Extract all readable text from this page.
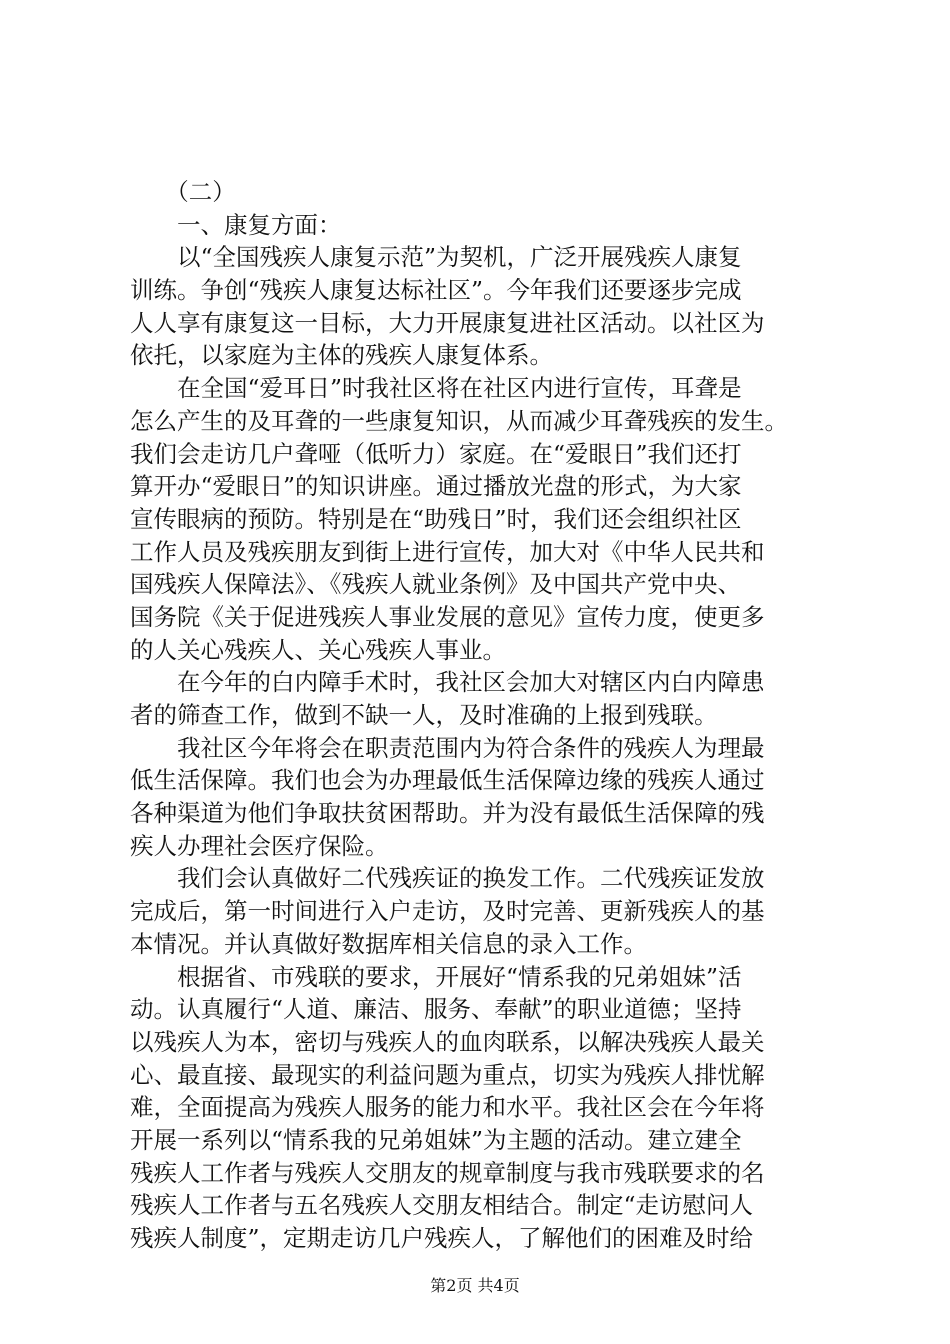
　　（二）
　　一、康复方面：
　　以“全国残疾人康复示范”为契机，广泛开展残疾人康复
训练。争创“残疾人康复达标社区”。今年我们还要逐步完成
人人享有康复这一目标，大力开展康复进社区活动。以社区为
依托，以家庭为主体的残疾人康复体系。
　　在全国“爱耳日”时我社区将在社区内进行宣传，耳聋是
怎么产生的及耳聋的一些康复知识，从而减少耳聋残疾的发生。
我们会走访几户聋哑（低听力）家庭。在“爱眼日”我们还打
算开办“爱眼日”的知识讲座。通过播放光盘的形式，为大家
宣传眼病的预防。特别是在“助残日”时，我们还会组织社区
工作人员及残疾朋友到街上进行宣传，加大对《中华人民共和
国残疾人保障法》、《残疾人就业条例》及中国共产党中央、
国务院《关于促进残疾人事业发展的意见》宣传力度，使更多
的人关心残疾人、关心残疾人事业。
　　在今年的白内障手术时，我社区会加大对辖区内白内障患
者的筛查工作，做到不缺一人，及时准确的上报到残联。
　　我社区今年将会在职责范围内为符合条件的残疾人为理最
低生活保障。我们也会为办理最低生活保障边缘的残疾人通过
各种渠道为他们争取扶贫困帮助。并为没有最低生活保障的残
疾人办理社会医疗保险。
　　我们会认真做好二代残疾证的换发工作。二代残疾证发放
完成后，第一时间进行入户走访，及时完善、更新残疾人的基
本情况。并认真做好数据库相关信息的录入工作。
　　根据省、市残联的要求，开展好“情系我的兄弟姐妹”活
动。认真履行“人道、廉洁、服务、奉献”的职业道德；坚持
以残疾人为本，密切与残疾人的血肉联系，以解决残疾人最关
心、最直接、最现实的利益问题为重点，切实为残疾人排忧解
难，全面提高为残疾人服务的能力和水平。我社区会在今年将
开展一系列以“情系我的兄弟姐妹”为主题的活动。建立建全
残疾人工作者与残疾人交朋友的规章制度与我市残联要求的名
残疾人工作者与五名残疾人交朋友相结合。制定“走访慰问人
残疾人制度”，定期走访几户残疾人，了解他们的困难及时给
第2页 共4页
